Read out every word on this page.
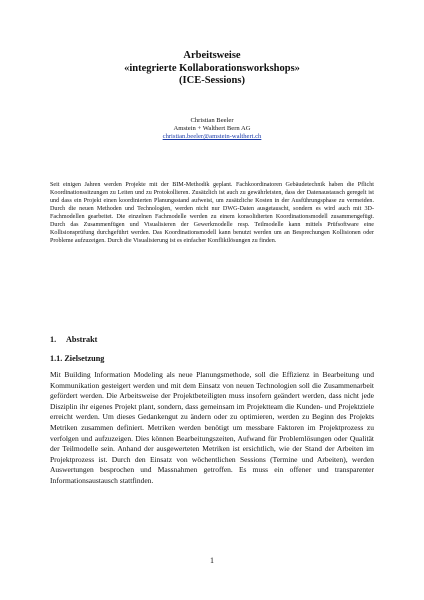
Arbeitsweise
«integrierte Kollaborationsworkshops»
(ICE-Sessions)
Christian Beeler
Amstein + Walthert Bern AG
christian.beeler@amstein-walthert.ch
Seit einigen Jahren werden Projekte mit der BIM-Methodik geplant. Fachkoordinatoren Gebäudetechnik haben die Pflicht Koordinationssitzungen zu Leiten und zu Protokollieren. Zusätzlich ist auch zu gewährleisten, dass der Datenaustausch geregelt ist und dass ein Projekt einen koordinierten Planungsstand aufweist, um zusätzliche Kosten in der Ausführungsphase zu vermeiden. Durch die neuen Methoden und Technologien, werden nicht nur DWG-Daten ausgetauscht, sondern es wird auch mit 3D-Fachmodellen gearbeitet. Die einzelnen Fachmodelle werden zu einem konsolidierten Koordinationsmodell zusammengefügt. Durch das Zusammenfügen und Visualisieren der Gewerkmodelle resp. Teilmodelle kann mittels Prüfsoftware eine Kollisionsprüfung durchgeführt werden. Das Koordinationsmodell kann benutzt werden um an Besprechungen Kollisionen oder Probleme aufzuzeigen. Durch die Visualisierung ist es einfacher Konfliktlösungen zu finden.
1. Abstrakt
1.1. Zielsetzung
Mit Building Information Modeling als neue Planungsmethode, soll die Effizienz in Bearbeitung und Kommunikation gesteigert werden und mit dem Einsatz von neuen Technologien soll die Zusammenarbeit gefördert werden. Die Arbeitsweise der Projektbeteiligten muss insofern geändert werden, dass nicht jede Disziplin ihr eigenes Projekt plant, sondern, dass gemeinsam im Projektteam die Kunden- und Projektziele erreicht werden. Um dieses Gedankengut zu ändern oder zu optimieren, werden zu Beginn des Projekts Metriken zusammen definiert. Metriken werden benötigt um messbare Faktoren im Projektprozess zu verfolgen und aufzuzeigen. Dies können Bearbeitungszeiten, Aufwand für Problemlösungen oder Qualität der Teilmodelle sein. Anhand der ausgewerteten Metriken ist ersichtlich, wie der Stand der Arbeiten im Projektprozess ist. Durch den Einsatz von wöchentlichen Sessions (Termine und Arbeiten), werden Auswertungen besprochen und Massnahmen getroffen. Es muss ein offener und transparenter Informationsaustausch stattfinden.
1
